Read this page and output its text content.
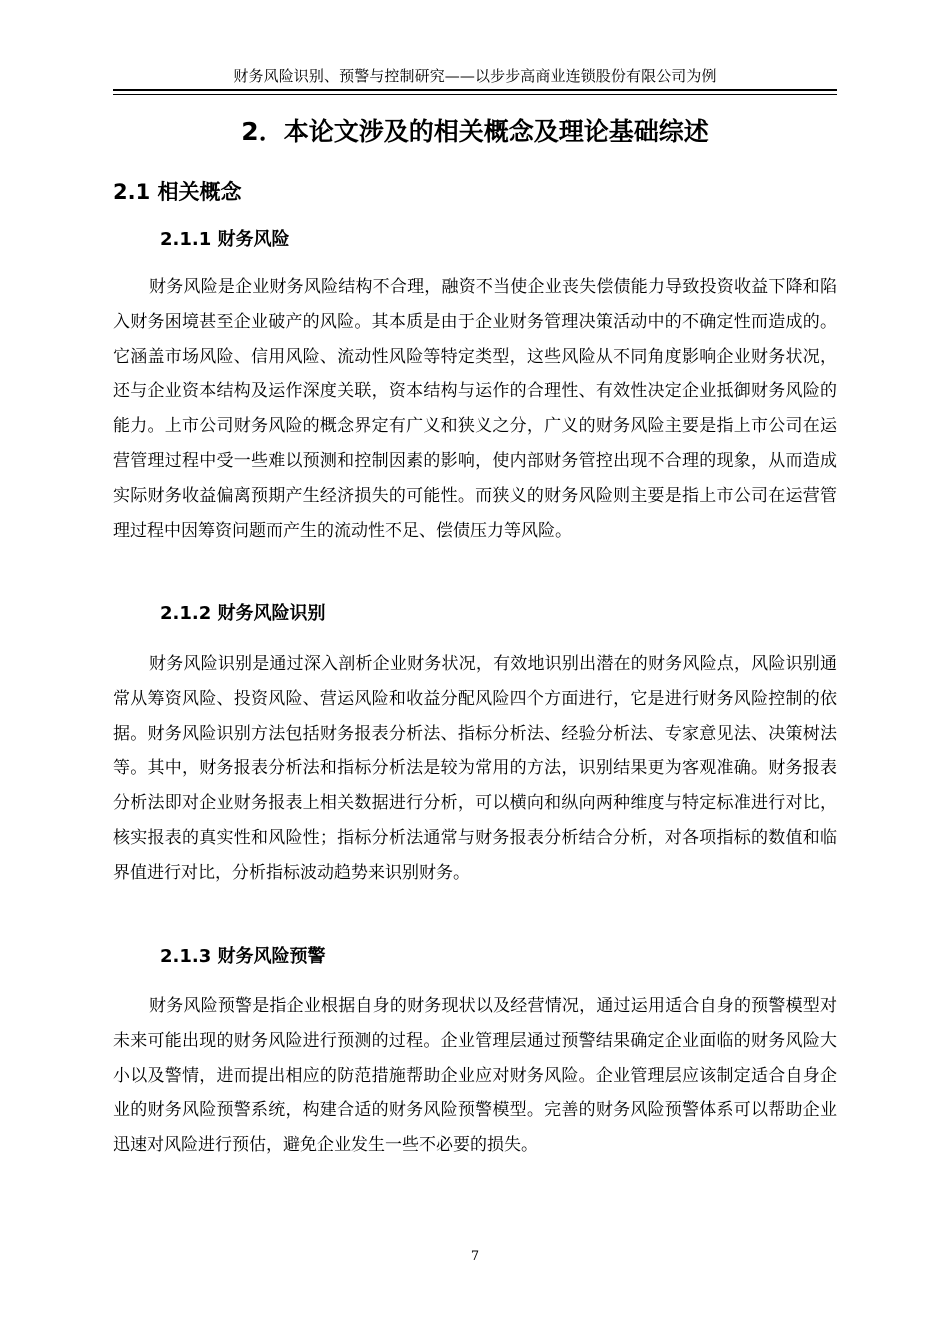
财务风险识别、预警与控制研究——以步步高商业连锁股份有限公司为例
2．本论文涉及的相关概念及理论基础综述
2.1 相关概念
2.1.1 财务风险

财务风险是企业财务风险结构不合理，融资不当使企业丧失偿债能力导致投资收益下降和陷入财务困境甚至企业破产的风险。其本质是由于企业财务管理决策活动中的不确定性而造成的。它涵盖市场风险、信用风险、流动性风险等特定类型，这些风险从不同角度影响企业财务状况，还与企业资本结构及运作深度关联，资本结构与运作的合理性、有效性决定企业抵御财务风险的能力。上市公司财务风险的概念界定有广义和狭义之分，广义的财务风险主要是指上市公司在运营管理过程中受一些难以预测和控制因素的影响，使内部财务管控出现不合理的现象，从而造成实际财务收益偏离预期产生经济损失的可能性。而狭义的财务风险则主要是指上市公司在运营管理过程中因筹资问题而产生的流动性不足、偿债压力等风险。

2.1.2 财务风险识别

财务风险识别是通过深入剖析企业财务状况，有效地识别出潜在的财务风险点，风险识别通常从筹资风险、投资风险、营运风险和收益分配风险四个方面进行，它是进行财务风险控制的依据。财务风险识别方法包括财务报表分析法、指标分析法、经验分析法、专家意见法、决策树法等。其中，财务报表分析法和指标分析法是较为常用的方法，识别结果更为客观准确。财务报表分析法即对企业财务报表上相关数据进行分析，可以横向和纵向两种维度与特定标准进行对比，核实报表的真实性和风险性；指标分析法通常与财务报表分析结合分析，对各项指标的数值和临界值进行对比，分析指标波动趋势来识别财务。

2.1.3 财务风险预警

财务风险预警是指企业根据自身的财务现状以及经营情况，通过运用适合自身的预警模型对未来可能出现的财务风险进行预测的过程。企业管理层通过预警结果确定企业面临的财务风险大小以及警情，进而提出相应的防范措施帮助企业应对财务风险。企业管理层应该制定适合自身企业的财务风险预警系统，构建合适的财务风险预警模型。完善的财务风险预警体系可以帮助企业迅速对风险进行预估，避免企业发生一些不必要的损失。

7
